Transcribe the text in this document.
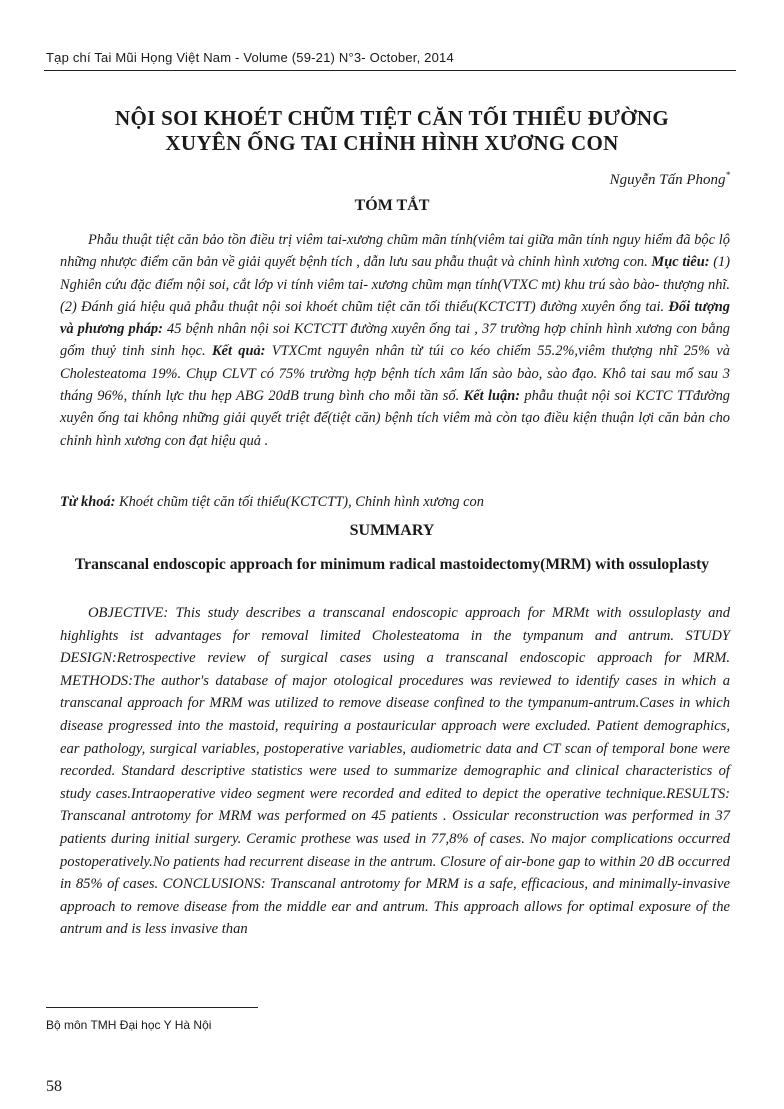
Tạp chí Tai Mũi Họng Việt Nam - Volume (59-21) N°3- October, 2014
NỘI SOI KHOÉT CHŨM TIỆT CĂN TỐI THIỂU ĐƯỜNG
XUYÊN ỐNG TAI CHỈNH HÌNH XƯƠNG CON
Nguyễn Tấn Phong*
TÓM TẮT

Phẫu thuật tiệt căn bảo tồn điều trị viêm tai-xương chũm mãn tính(viêm tai giữa mãn tính nguy hiểm đã bộc lộ những nhược điểm căn bản về giải quyết bệnh tích , dẫn lưu sau phẫu thuật và chỉnh hình xương con. Mục tiêu: (1) Nghiên cứu đặc điểm nội soi, cắt lớp vi tính viêm tai- xương chũm mạn tính(VTXC mt) khu trú sào bào- thượng nhĩ. (2) Đánh giá hiệu quả phẫu thuật nội soi khoét chũm tiệt căn tối thiểu(KCTCTT) đường xuyên ống tai. Đối tượng và phương pháp: 45 bệnh nhân nội soi KCTCTT đường xuyên ống tai , 37 trường hợp chỉnh hình xương con bằng gốm thuỷ tinh sinh học. Kết quả: VTXCmt nguyên nhân từ túi co kéo chiếm 55.2%,viêm thượng nhĩ 25% và Cholesteatoma 19%. Chụp CLVT có 75% trường hợp bệnh tích xâm lấn sào bào, sào đạo. Khô tai sau mổ sau 3 tháng 96%, thính lực thu hẹp ABG 20dB trung bình cho mỗi tần số. Kết luận: phẫu thuật nội soi KCTC TTđường xuyên ống tai không những giải quyết triệt để(tiệt căn) bệnh tích viêm mà còn tạo điều kiện thuận lợi căn bản cho chỉnh hình xương con đạt hiệu quả .

Từ khoá: Khoét chũm tiệt căn tối thiểu(KCTCTT), Chỉnh hình xương con
SUMMARY
Transcanal endoscopic approach for minimum radical mastoidectomy(MRM) with ossuloplasty

OBJECTIVE: This study describes a transcanal endoscopic approach for MRMt with ossuloplasty and highlights ist advantages for removal limited Cholesteatoma in the tympanum and antrum. STUDY DESIGN:Retrospective review of surgical cases using a transcanal endoscopic approach for MRM. METHODS:The author's database of major otological procedures was reviewed to identify cases in which a transcanal approach for MRM was utilized to remove disease confined to the tympanum-antrum.Cases in which disease progressed into the mastoid, requiring a postauricular approach were excluded. Patient demographics, ear pathology, surgical variables, postoperative variables, audiometric data and CT scan of temporal bone were recorded. Standard descriptive statistics were used to summarize demographic and clinical characteristics of study cases.Intraoperative video segment were recorded and edited to depict the operative technique.RESULTS: Transcanal antrotomy for MRM was performed on 45 patients . Ossicular reconstruction was performed in 37 patients during initial surgery. Ceramic prothese was used in 77,8% of cases. No major complications occurred postoperatively.No patients had recurrent disease in the antrum. Closure of air-bone gap to within 20 dB occurred in 85% of cases. CONCLUSIONS: Transcanal antrotomy for MRM is a safe, efficacious, and minimally-invasive approach to remove disease from the middle ear and antrum. This approach allows for optimal exposure of the antrum and is less invasive than

Bộ môn TMH Đại học Y Hà Nội
58
